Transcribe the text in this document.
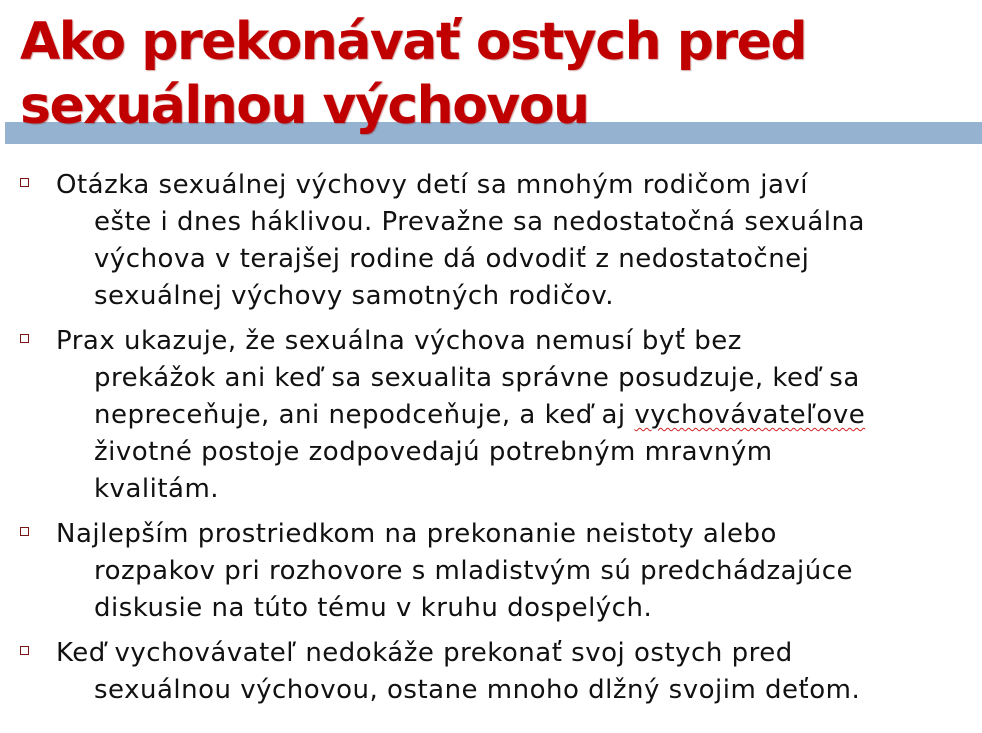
Ako prekonávať ostych pred
sexuálnou výchovou
Otázka sexuálnej výchovy detí sa mnohým rodičom javí
ešte i dnes háklivou. Prevažne sa nedostatočná sexuálna
výchova v terajšej rodine dá odvodiť z nedostatočnej
sexuálnej výchovy samotných rodičov.
Prax ukazuje, že sexuálna výchova nemusí byť bez
prekážok ani keď sa sexualita správne posudzuje, keď sa
nepreceňuje, ani nepodceňuje, a keď aj vychovávateľove
životné postoje zodpovedajú potrebným mravným
kvalitám.
Najlepším prostriedkom na prekonanie neistoty alebo
rozpakov pri rozhovore s mladistvým sú predchádzajúce
diskusie na túto tému v kruhu dospelých.
Keď vychovávateľ nedokáže prekonať svoj ostych pred
sexuálnou výchovou, ostane mnoho dlžný svojim deťom.
